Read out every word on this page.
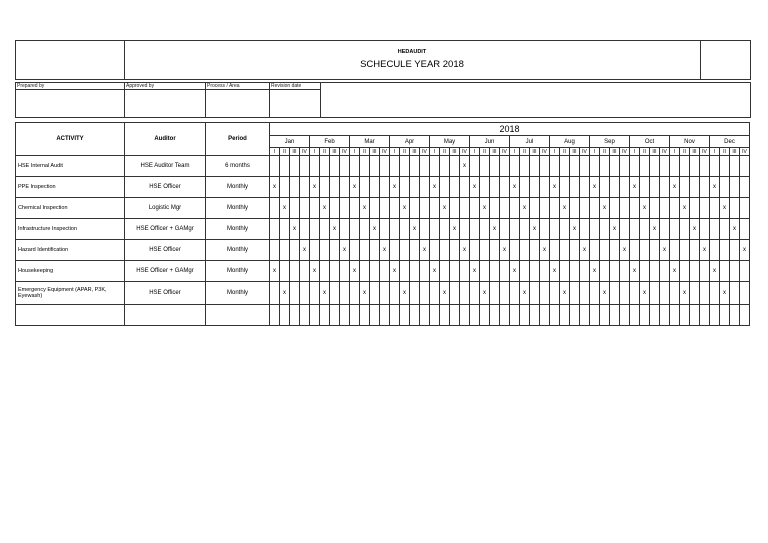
HEDAUDIT
SCHECULE YEAR 2018
Prepared by	Approved by	Process / Area	Revision date
ACTIVITY	Auditor	Period	2018																																															
			Jan				Feb				Mar				Apr				May				Jun				Jul				Aug				Sep				Oct				Nov				Dec			
			I	II	III	IV	I	II	III	IV	I	II	III	IV	I	II	III	IV	I	II	III	IV	I	II	III	IV	I	II	III	IV	I	II	III	IV	I	II	III	IV	I	II	III	IV	I	II	III	IV	I	II	III	IV
HSE Internal Audit	HSE Auditor Team	6 months																				x																												
PPE Inspection	HSE Officer	Monthly	x				x				x				x				x				x				x				x				x				x				x				x			
Chemical Inspection	Logistic Mgr	Monthly		x				x				x				x				x				x				x				x				x				x				x				x		
Infrastructure Inspection	HSE Officer + GAMgr	Monthly			x				x				x				x				x				x				x				x				x				x				x				x	
Hazard Identification	HSE Officer	Monthly				x				x				x				x				x				x				x				x				x				x				x				x
Housekeeping	HSE Officer + GAMgr	Monthly	x				x				x				x				x				x				x				x				x				x				x				x			
Emergency Equipment (APAR, P3K, Eyewash)	HSE Officer	Monthly		x				x				x				x				x				x				x				x				x				x				x				x		
